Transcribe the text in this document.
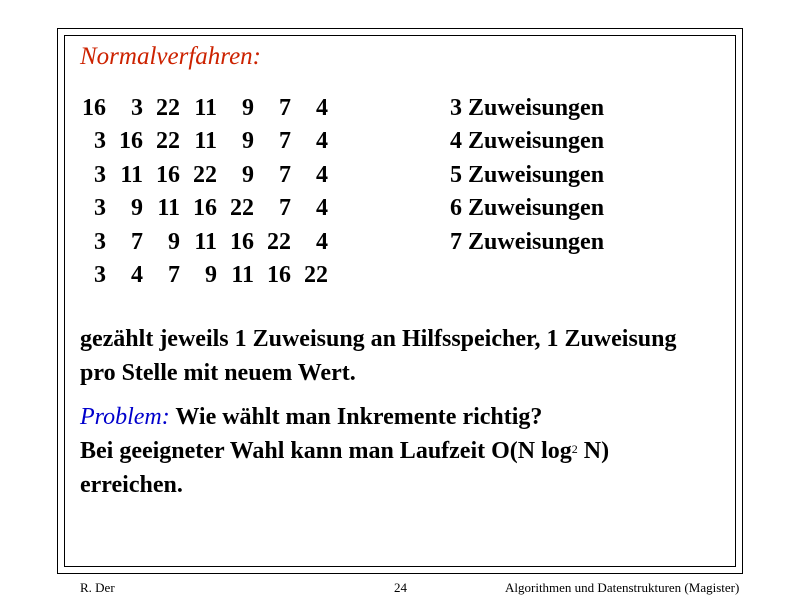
Normalverfahren:
16	3	22	11	9	7	4
3	16	22	11	9	7	4
3	11	16	22	9	7	4
3	9	11	16	22	7	4
3	7	9	11	16	22	4
3	4	7	9	11	16	22
3 Zuweisungen
4 Zuweisungen
5 Zuweisungen
6 Zuweisungen
7 Zuweisungen

gezählt jeweils 1 Zuweisung an Hilfsspeicher, 1 Zuweisung
pro Stelle mit neuem Wert.

Problem: Wie wählt man Inkremente richtig?
Bei geeigneter Wahl kann man Laufzeit O(N $\log^2 N$)
erreichen.

R. Der	24	Algorithmen und Datenstrukturen (Magister)
